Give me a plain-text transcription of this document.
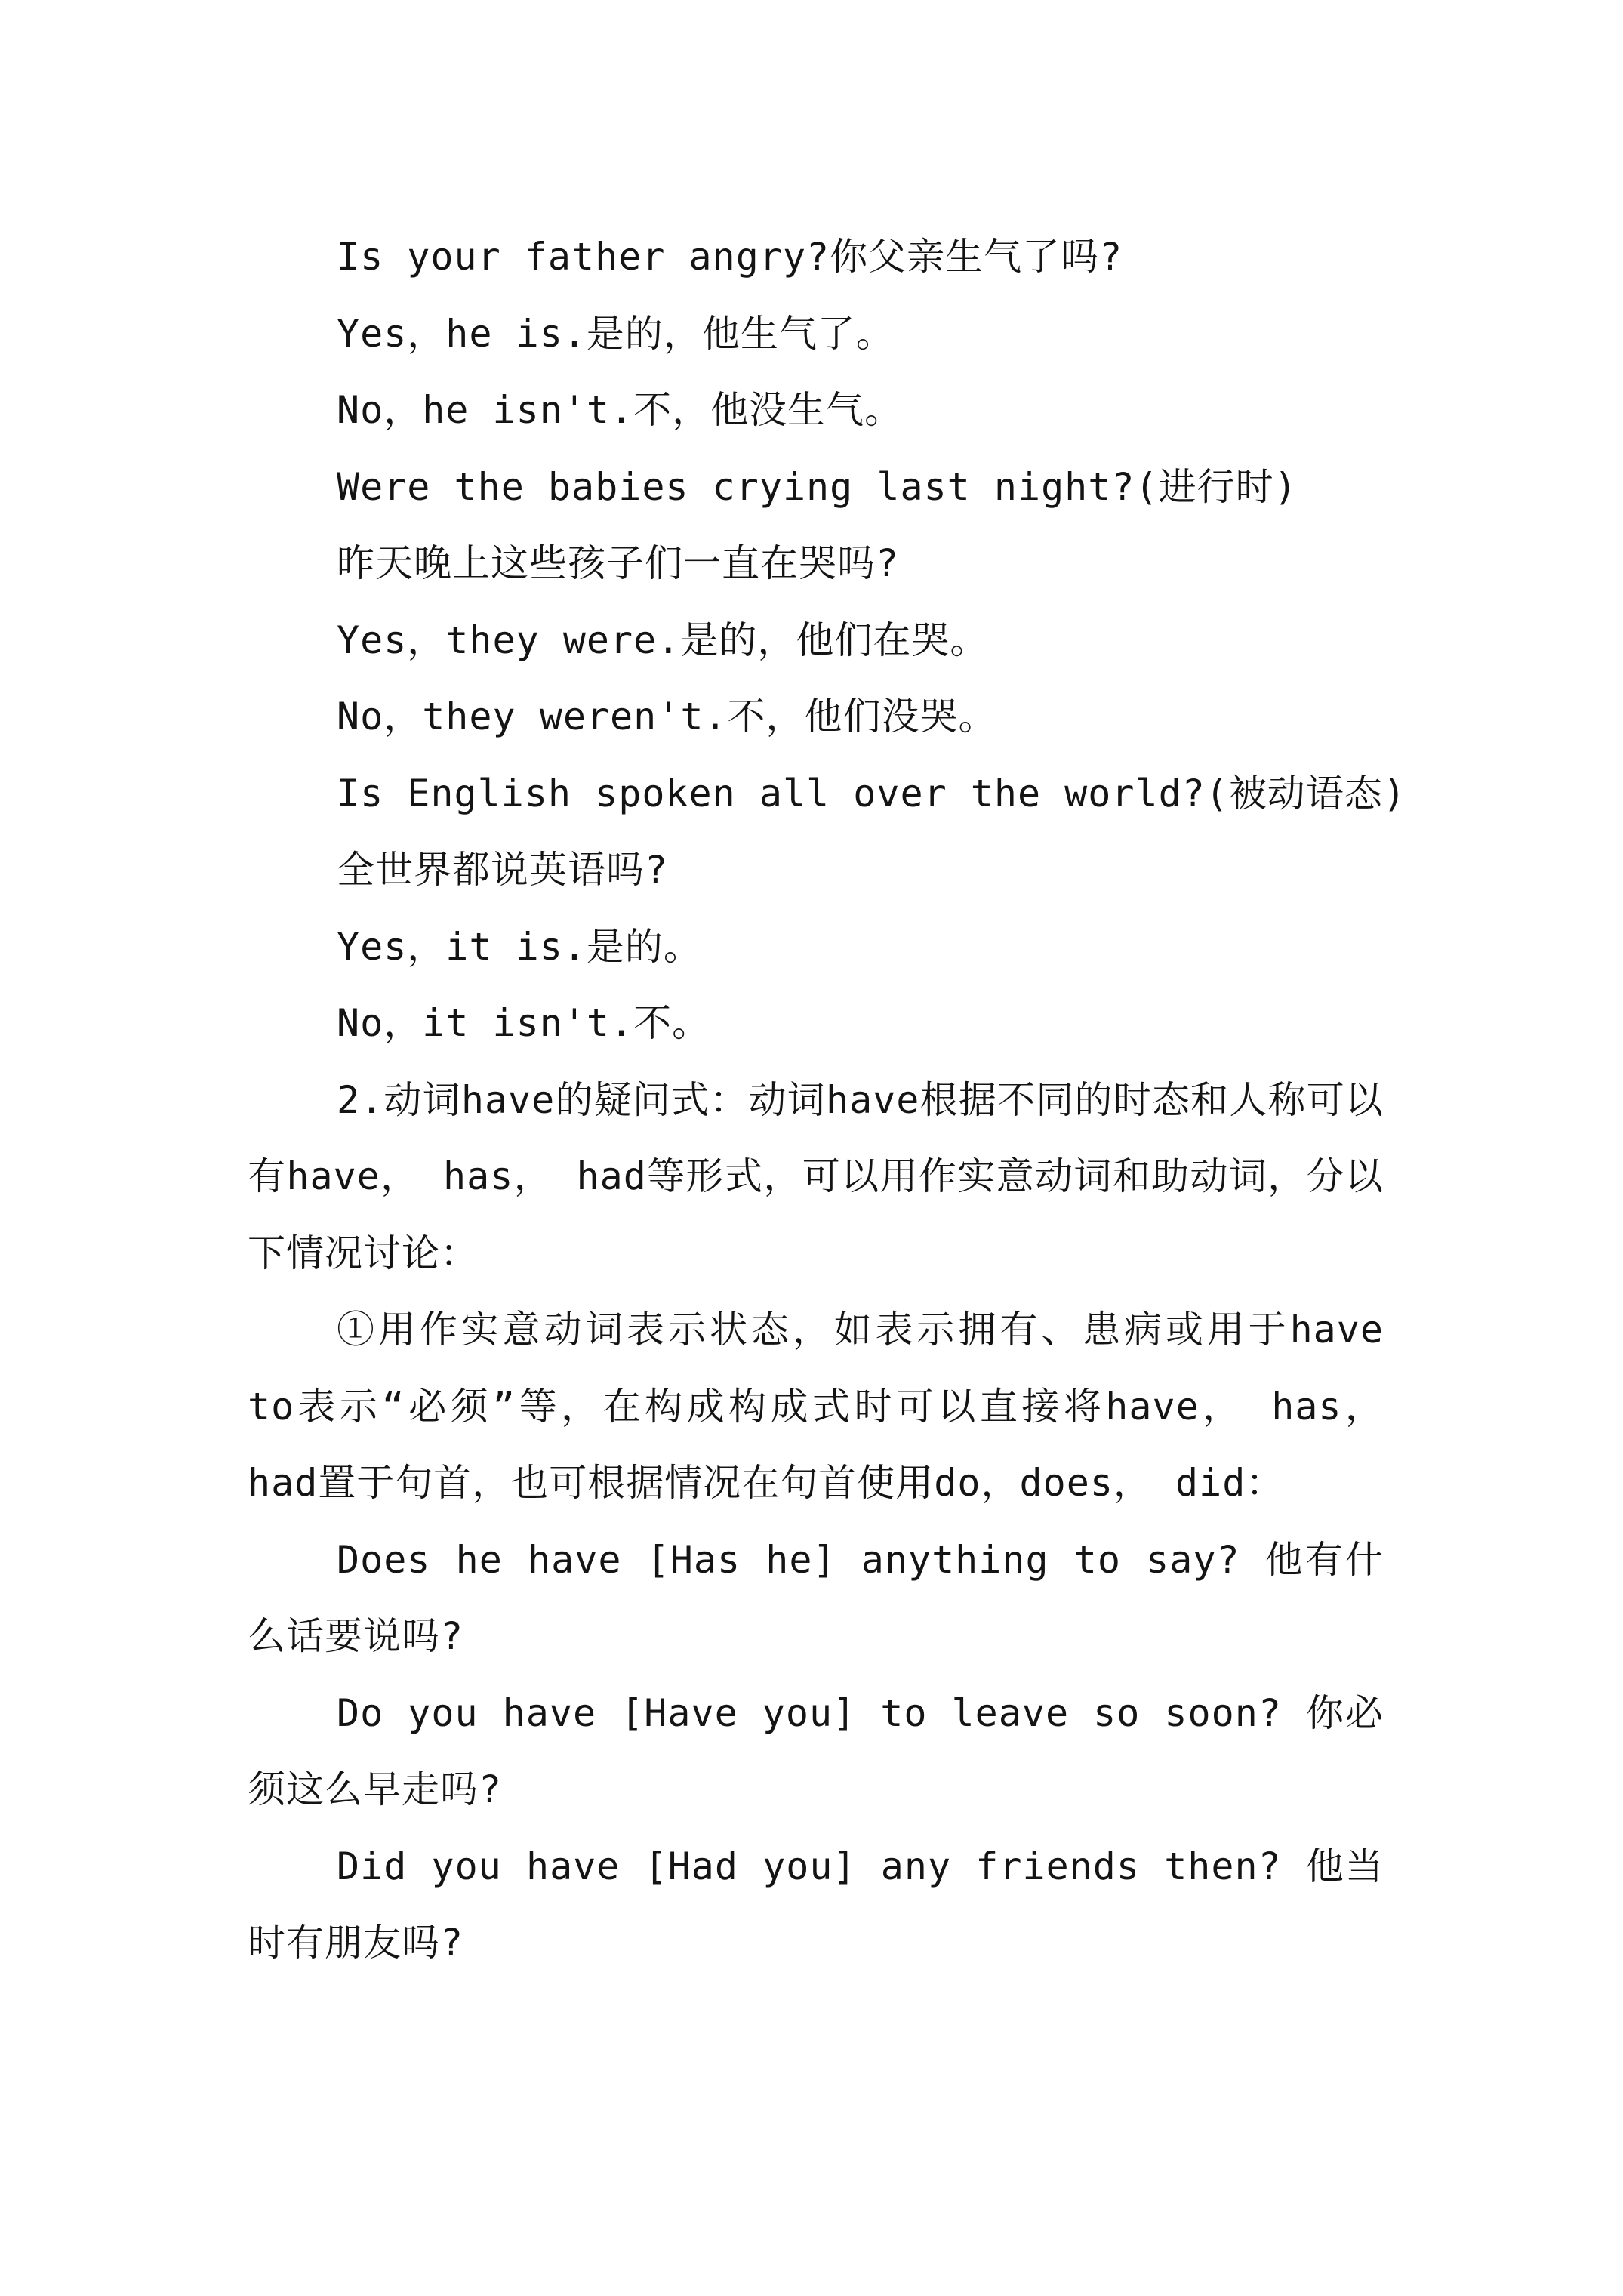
Is your father angry?你父亲生气了吗?

Yes，he is.是的，他生气了。

No，he isn't.不，他没生气。

Were the babies crying last night?(进行时)

昨天晚上这些孩子们一直在哭吗?

Yes，they were.是的，他们在哭。

No，they weren't.不，他们没哭。

Is English spoken all over the world?(被动语态)

全世界都说英语吗?

Yes，it is.是的。

No，it isn't.不。

2.动词have的疑问式：动词have根据不同的时态和人称可以有have， has， had等形式，可以用作实意动词和助动词，分以下情况讨论：

①用作实意动词表示状态，如表示拥有、患病或用于have to表示“必须”等，在构成构成式时可以直接将have， has， had置于句首，也可根据情况在句首使用do，does， did：

Does he have [Has he] anything to say? 他有什么话要说吗?

Do you have [Have you] to leave so soon? 你必须这么早走吗?

Did you have [Had you] any friends then? 他当时有朋友吗?
